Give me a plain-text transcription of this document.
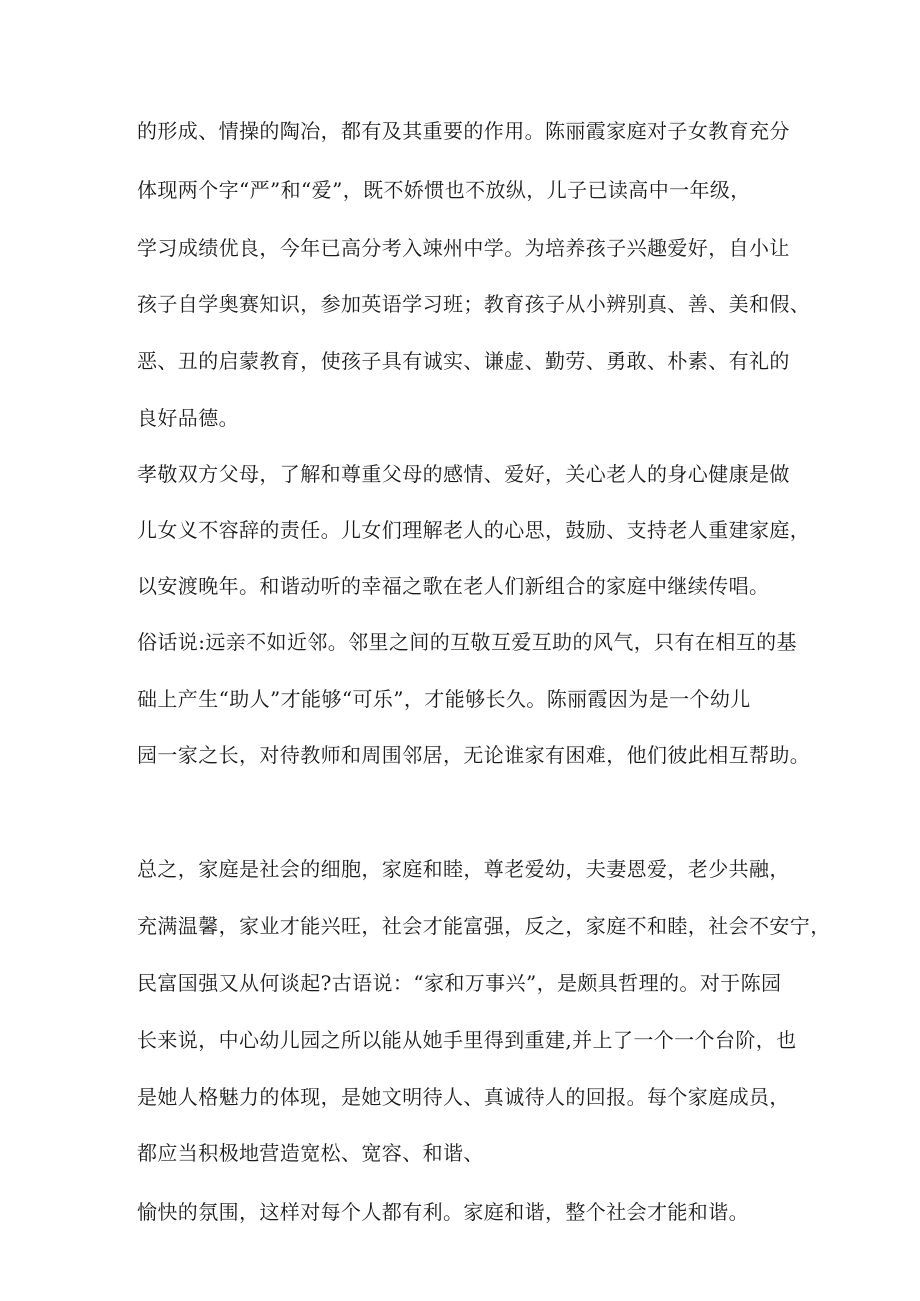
的形成、情操的陶冶，都有及其重要的作用。陈丽霞家庭对子女教育充分

体现两个字“严”和“爱”，既不娇惯也不放纵，儿子已读高中一年级，

学习成绩优良，今年已高分考入竦州中学。为培养孩子兴趣爱好，自小让

孩子自学奥赛知识，参加英语学习班；教育孩子从小辨别真、善、美和假、

恶、丑的启蒙教育，使孩子具有诚实、谦虚、勤劳、勇敢、朴素、有礼的

良好品德。

孝敬双方父母，了解和尊重父母的感情、爱好，关心老人的身心健康是做

儿女义不容辞的责任。儿女们理解老人的心思，鼓励、支持老人重建家庭，

以安渡晚年。和谐动听的幸福之歌在老人们新组合的家庭中继续传唱。

俗话说:远亲不如近邻。邻里之间的互敬互爱互助的风气，只有在相互的基

础上产生“助人”才能够“可乐”，才能够长久。陈丽霞因为是一个幼儿

园一家之长，对待教师和周围邻居，无论谁家有困难，他们彼此相互帮助。

总之，家庭是社会的细胞，家庭和睦，尊老爱幼，夫妻恩爱，老少共融，

充满温馨，家业才能兴旺，社会才能富强，反之，家庭不和睦，社会不安宁，

民富国强又从何谈起?古语说：“家和万事兴”，是颇具哲理的。对于陈园

长来说，中心幼儿园之所以能从她手里得到重建,并上了一个一个台阶，也

是她人格魅力的体现，是她文明待人、真诚待人的回报。每个家庭成员，

都应当积极地营造宽松、宽容、和谐、

愉快的氛围，这样对每个人都有利。家庭和谐，整个社会才能和谐。
